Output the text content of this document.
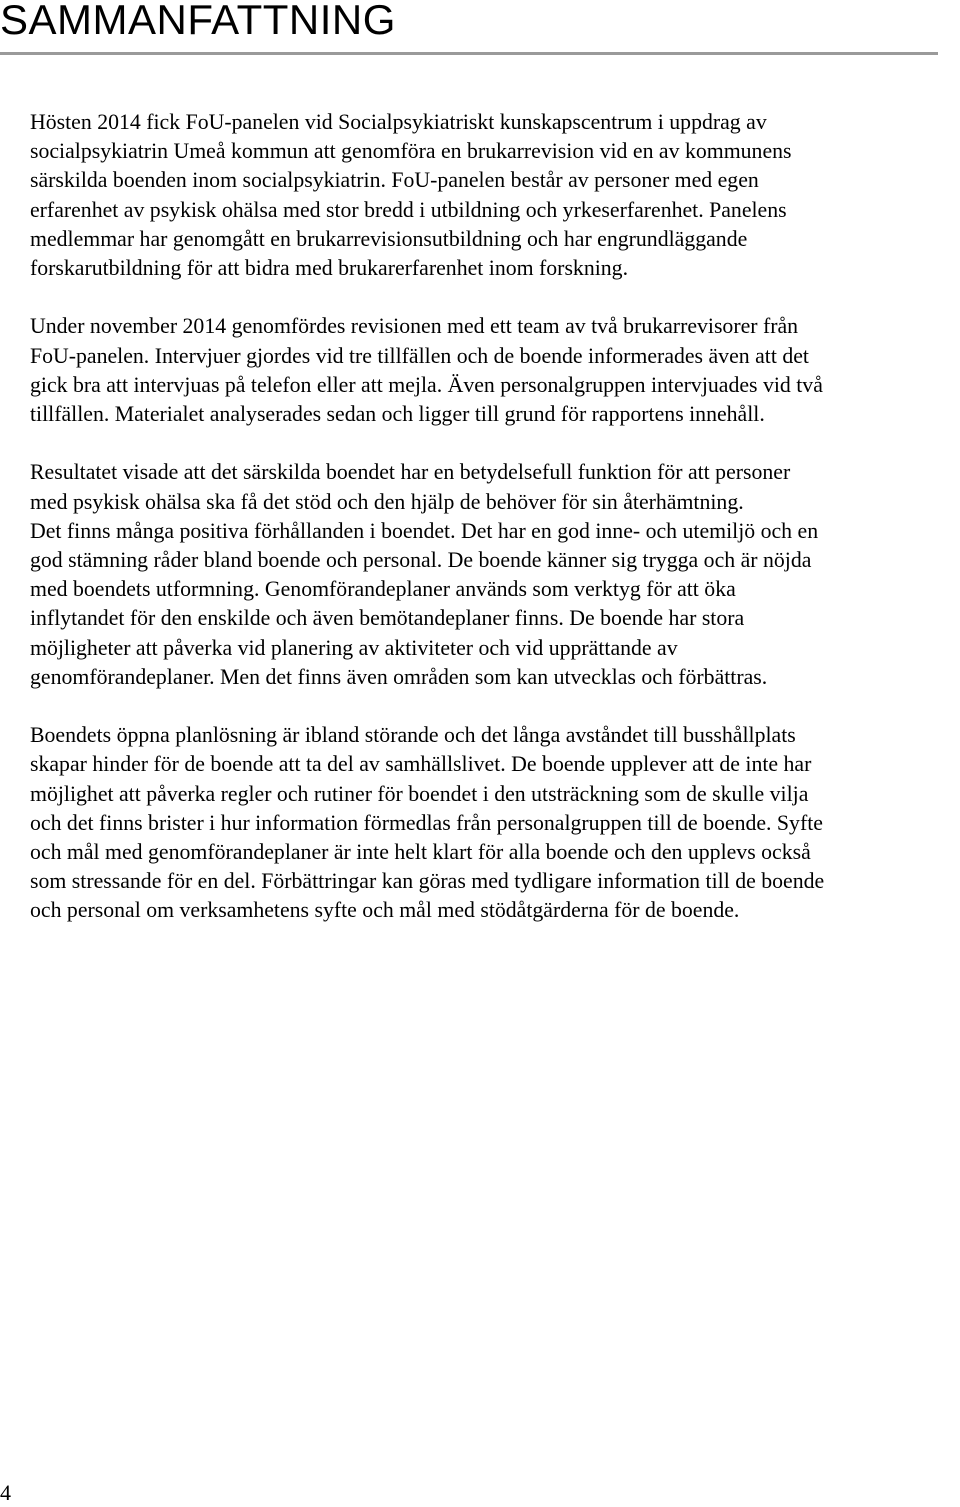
SAMMANFATTNING

Hösten 2014 fick FoU-panelen vid Socialpsykiatriskt kunskapscentrum i uppdrag av
socialpsykiatrin Umeå kommun att genomföra en brukarrevision vid en av kommunens
särskilda boenden inom socialpsykiatrin. FoU-panelen består av personer med egen
erfarenhet av psykisk ohälsa med stor bredd i utbildning och yrkeserfarenhet. Panelens
medlemmar har genomgått en brukarrevisionsutbildning och har engrundläggande
forskarutbildning för att bidra med brukarerfarenhet inom forskning.

Under november 2014 genomfördes revisionen med ett team av två brukarrevisorer från
FoU-panelen. Intervjuer gjordes vid tre tillfällen och de boende informerades även att det
gick bra att intervjuas på telefon eller att mejla. Även personalgruppen intervjuades vid två
tillfällen. Materialet analyserades sedan och ligger till grund för rapportens innehåll.

Resultatet visade att det särskilda boendet har en betydelsefull funktion för att personer
med psykisk ohälsa ska få det stöd och den hjälp de behöver för sin återhämtning.
Det finns många positiva förhållanden i boendet. Det har en god inne- och utemiljö och en
god stämning råder bland boende och personal. De boende känner sig trygga och är nöjda
med boendets utformning. Genomförandeplaner används som verktyg för att öka
inflytandet för den enskilde och även bemötandeplaner finns. De boende har stora
möjligheter att påverka vid planering av aktiviteter och vid upprättande av
genomförandeplaner. Men det finns även områden som kan utvecklas och förbättras.

Boendets öppna planlösning är ibland störande och det långa avståndet till busshållplats
skapar hinder för de boende att ta del av samhällslivet. De boende upplever att de inte har
möjlighet att påverka regler och rutiner för boendet i den utsträckning som de skulle vilja
och det finns brister i hur information förmedlas från personalgruppen till de boende. Syfte
och mål med genomförandeplaner är inte helt klart för alla boende och den upplevs också
som stressande för en del. Förbättringar kan göras med tydligare information till de boende
och personal om verksamhetens syfte och mål med stödåtgärderna för de boende.

4
